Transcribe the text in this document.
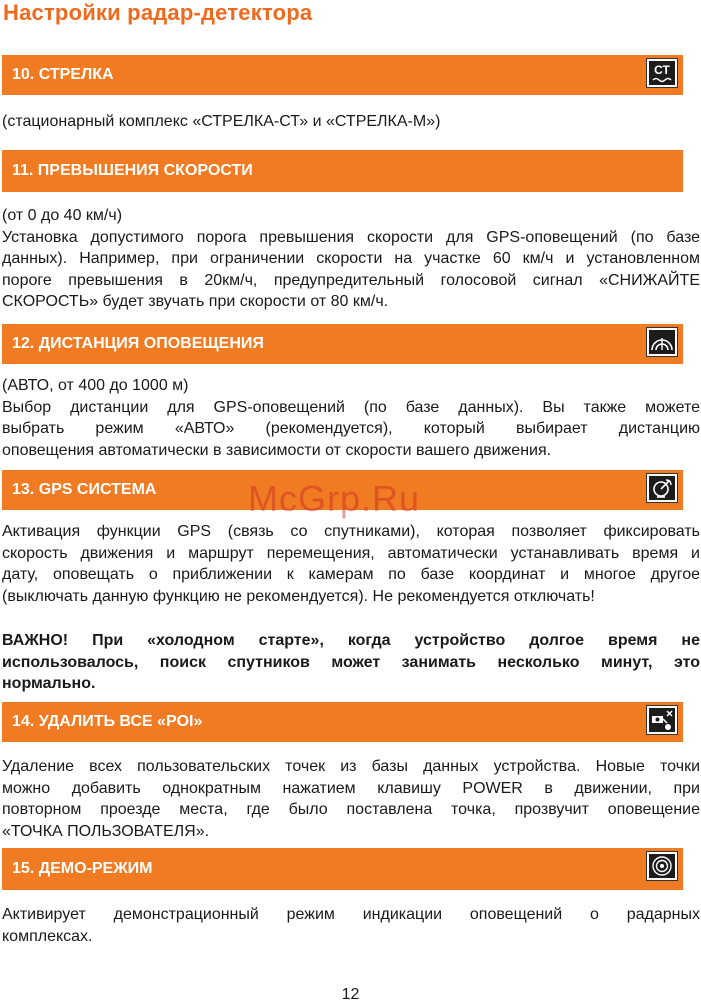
Настройки радар-детектора
10. СТРЕЛКА	СТ

(стационарный комплекс «СТРЕЛКА-СТ» и «СТРЕЛКА-М»)

11. ПРЕВЫШЕНИЯ СКОРОСТИ

(от 0 до 40 км/ч)
Установка допустимого порога превышения скорости для GPS-оповещений (по базе
данных). Например, при ограничении скорости на участке 60 км/ч и установленном
пороге превышения в 20км/ч, предупредительный голосовой сигнал «СНИЖАЙТЕ
СКОРОСТЬ» будет звучать при скорости от 80 км/ч.

12. ДИСТАНЦИЯ ОПОВЕЩЕНИЯ

(АВТО, от 400 до 1000 м)
Выбор дистанции для GPS-оповещений (по базе данных). Вы также можете
выбрать режим «АВТО» (рекомендуется), который выбирает дистанцию
оповещения автоматически в зависимости от скорости вашего движения.

13. GPS СИСТЕМА

Активация функции GPS (связь со спутниками), которая позволяет фиксировать
скорость движения и маршрут перемещения, автоматически устанавливать время и
дату, оповещать о приближении к камерам по базе координат и многое другое
(выключать данную функцию не рекомендуется). Не рекомендуется отключать!

ВАЖНО! При «холодном старте», когда устройство долгое время не
использовалось, поиск спутников может занимать несколько минут, это
нормально.

14. УДАЛИТЬ ВСЕ «POI»

Удаление всех пользовательских точек из базы данных устройства. Новые точки
можно добавить однократным нажатием клавишу POWER в движении, при
повторном проезде места, где было поставлена точка, прозвучит оповещение
«ТОЧКА ПОЛЬЗОВАТЕЛЯ».

15. ДЕМО-РЕЖИМ

Активирует демонстрационный режим индикации оповещений о радарных
комплексах.

McGrp.Ru
12
